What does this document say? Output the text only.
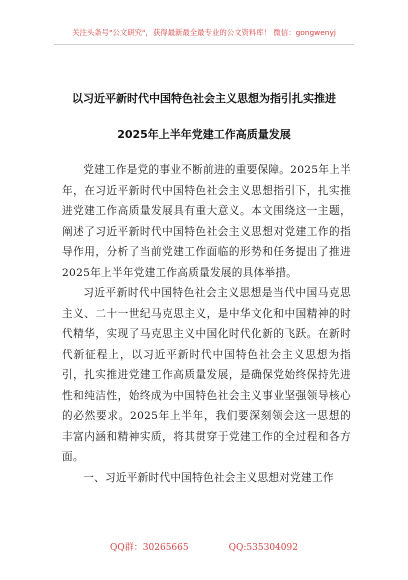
关注头条号"公文研究"，获得最新最全最专业的公文资料库！ 微信：gongwenyj
以习近平新时代中国特色社会主义思想为指引扎实推进
2025年上半年党建工作高质量发展

党建工作是党的事业不断前进的重要保障。2025年上半年，在习近平新时代中国特色社会主义思想指引下，扎实推进党建工作高质量发展具有重大意义。本文围绕这一主题，阐述了习近平新时代中国特色社会主义思想对党建工作的指导作用，分析了当前党建工作面临的形势和任务提出了推进2025年上半年党建工作高质量发展的具体举措。

习近平新时代中国特色社会主义思想是当代中国马克思主义、二十一世纪马克思主义，是中华文化和中国精神的时代精华，实现了马克思主义中国化时代化新的飞跃。在新时代新征程上，以习近平新时代中国特色社会主义思想为指引，扎实推进党建工作高质量发展，是确保党始终保持先进性和纯洁性，始终成为中国特色社会主义事业坚强领导核心的必然要求。2025年上半年，我们要深刻领会这一思想的丰富内涵和精神实质，将其贯穿于党建工作的全过程和各方面。

一、习近平新时代中国特色社会主义思想对党建工作

QQ群：30265665	QQ:535304092
